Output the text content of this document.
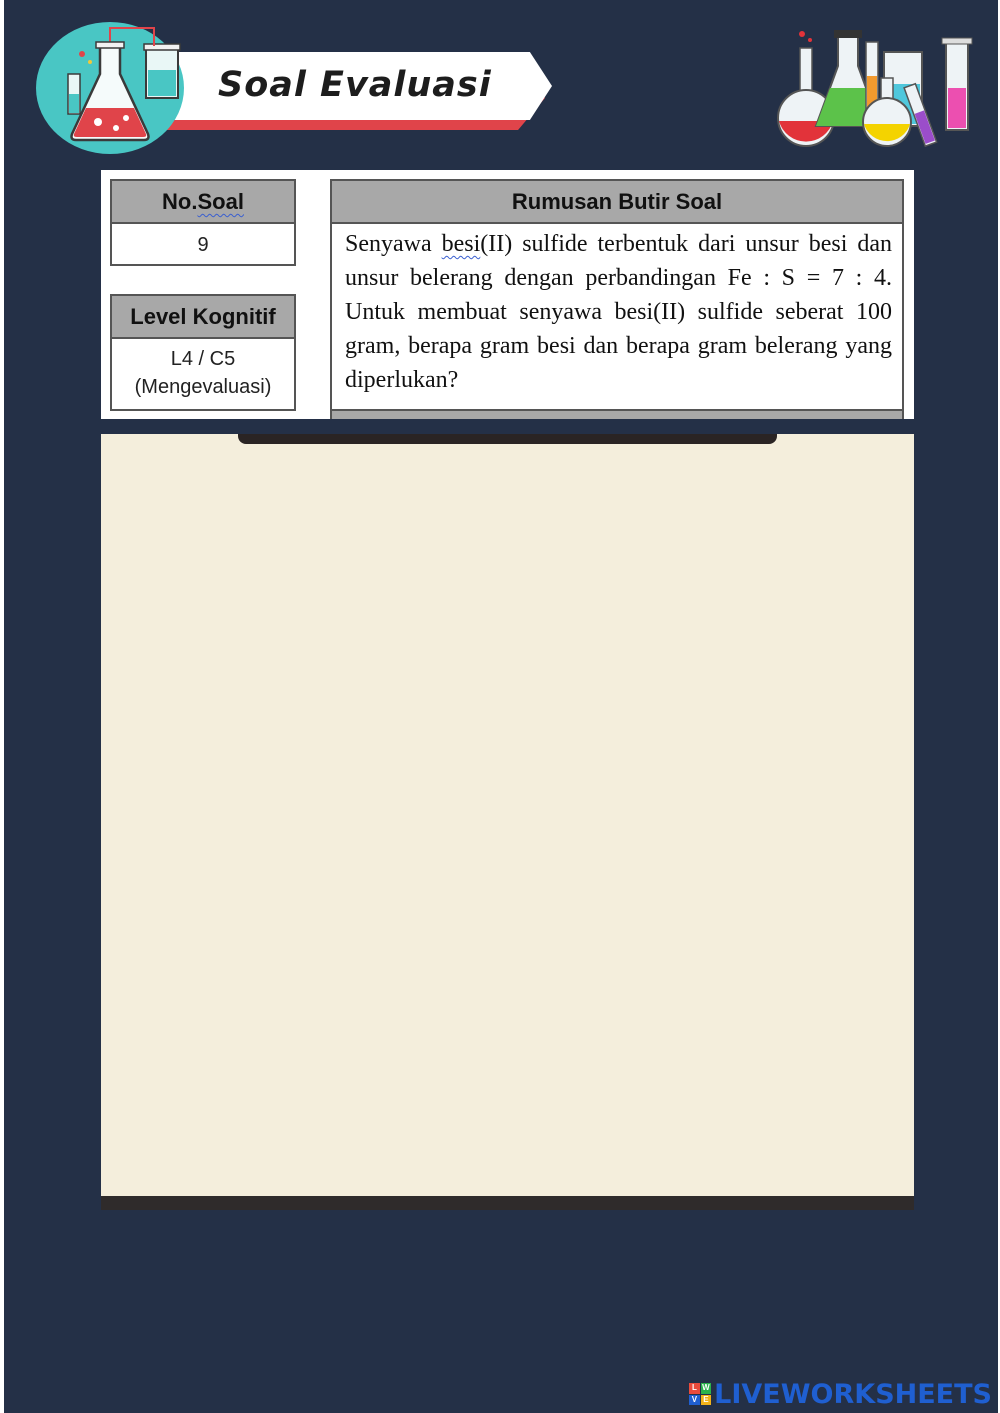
Soal Evaluasi
No.Soal
9
Level Kognitif
L4 / C5
(Mengevaluasi)
Rumusan Butir Soal
Senyawa besi(II) sulfide terbentuk dari unsur besi dan unsur belerang dengan perbandingan Fe : S = 7 : 4. Untuk membuat senyawa besi(II) sulfide seberat 100 gram, berapa gram besi dan berapa gram belerang yang diperlukan?
L W
V E LIVEWORKSHEETS
